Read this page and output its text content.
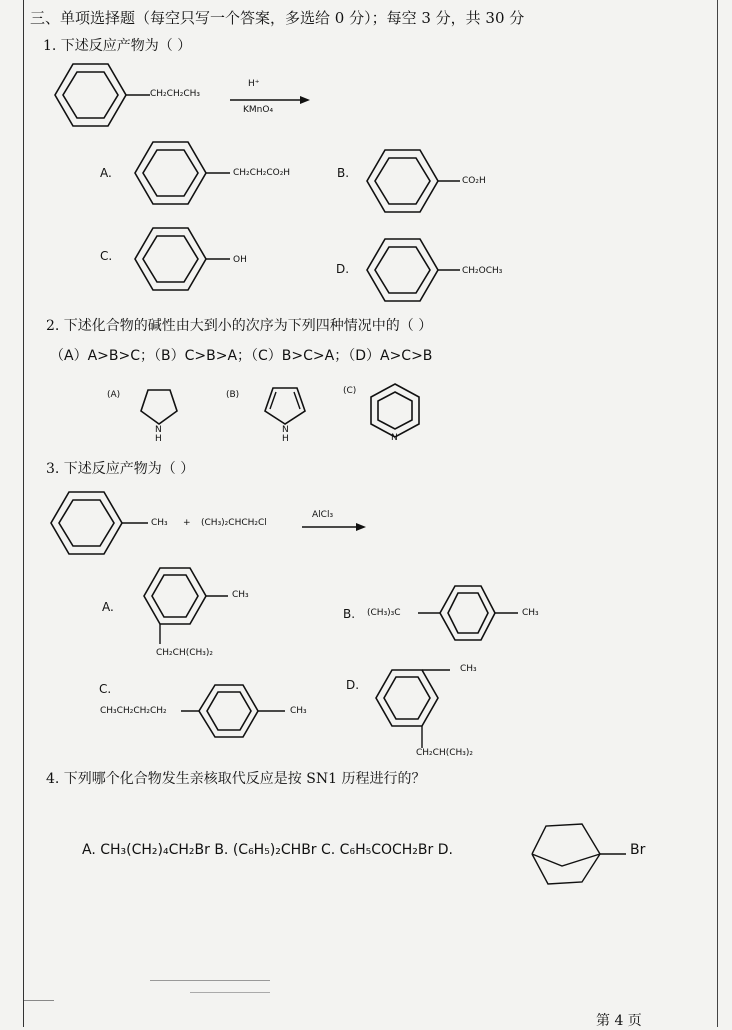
三、单项选择题（每空只写一个答案，多选给 0 分）；每空 3 分，共 30 分
1. 下述反应产物为（ ）
CH₂CH₂CH₃
H⁺
KMnO₄
A.	CH₂CH₂CO₂H	B.
CO₂H
C.	OH
D.	CH₂OCH₃
2. 下述化合物的碱性由大到小的次序为下列四种情况中的（ ）
（A）A>B>C；（B）C>B>A；（C）B>C>A；（D）A>C>B
(A)
N
H
(B)
N
H
(C)
N
3. 下述反应产物为（ ）
CH₃ + (CH₃)₂CHCH₂Cl
AlCl₃
A.
CH₃
CH₂CH(CH₃)₂
B. (CH₃)₃C	CH₃
C.
CH₃CH₂CH₂CH₂	CH₃
D.
CH₃
CH₂CH(CH₃)₂
4. 下列哪个化合物发生亲核取代反应是按 SN1 历程进行的？
A. CH₃(CH₂)₄CH₂Br B. (C₆H₅)₂CHBr C. C₆H₅COCH₂Br D.	Br
第 4 页
